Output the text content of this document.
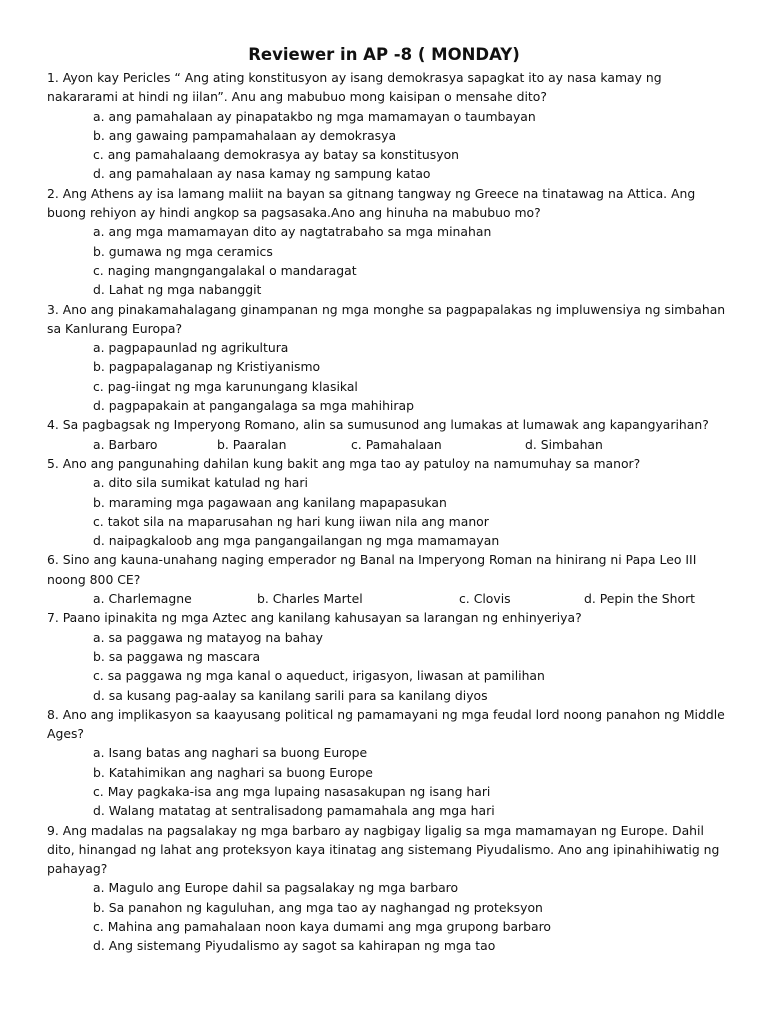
Reviewer in AP -8 ( MONDAY)

1. Ayon kay Pericles “ Ang ating konstitusyon ay isang demokrasya sapagkat ito ay nasa kamay ng nakararami at hindi ng iilan”. Anu ang mabubuo mong kaisipan o mensahe dito?

a. ang pamahalaan ay pinapatakbo ng mga mamamayan o taumbayan
b. ang gawaing pampamahalaan ay demokrasya
c. ang pamahalaang demokrasya ay batay sa konstitusyon
d. ang pamahalaan ay nasa kamay ng sampung katao

2. Ang Athens ay isa lamang maliit na bayan sa gitnang tangway ng Greece na tinatawag na Attica. Ang buong rehiyon ay hindi angkop sa pagsasaka.Ano ang hinuha na mabubuo mo?

a. ang mga mamamayan dito ay nagtatrabaho sa mga minahan
b. gumawa ng mga ceramics
c. naging mangngangalakal o mandaragat
d. Lahat ng mga nabanggit

3. Ano ang pinakamahalagang ginampanan ng mga monghe sa pagpapalakas ng impluwensiya ng simbahan sa Kanlurang Europa?

a. pagpapaunlad ng agrikultura
b. pagpapalaganap ng Kristiyanismo
c. pag-iingat ng mga karunungang klasikal
d. pagpapakain at pangangalaga sa mga mahihirap

4. Sa pagbagsak ng Imperyong Romano, alin sa sumusunod ang lumakas at lumawak ang kapangyarihan?

a. Barbaro	b. Paaralan	c. Pamahalaan	d. Simbahan

5. Ano ang pangunahing dahilan kung bakit ang mga tao ay patuloy na namumuhay sa manor?

a. dito sila sumikat katulad ng hari
b. maraming mga pagawaan ang kanilang mapapasukan
c. takot sila na maparusahan ng hari kung iiwan nila ang manor
d. naipagkaloob ang mga pangangailangan ng mga mamamayan

6. Sino ang kauna-unahang naging emperador ng Banal na Imperyong Roman na hinirang ni Papa Leo III noong 800 CE?

a. Charlemagne	b. Charles Martel	c. Clovis	d. Pepin the Short

7. Paano ipinakita ng mga Aztec ang kanilang kahusayan sa larangan ng enhinyeriya?

a. sa paggawa ng matayog na bahay
b. sa paggawa ng mascara
c. sa paggawa ng mga kanal o aqueduct, irigasyon, liwasan at pamilihan
d. sa kusang pag-aalay sa kanilang sarili para sa kanilang diyos

8. Ano ang implikasyon sa kaayusang political ng pamamayani ng mga feudal lord noong panahon ng Middle Ages?

a. Isang batas ang naghari sa buong Europe
b. Katahimikan ang naghari sa buong Europe
c. May pagkaka-isa ang mga lupaing nasasakupan ng isang hari
d. Walang matatag at sentralisadong pamamahala ang mga hari

9. Ang madalas na pagsalakay ng mga barbaro ay nagbigay ligalig sa mga mamamayan ng Europe. Dahil dito, hinangad ng lahat ang proteksyon kaya itinatag ang sistemang Piyudalismo. Ano ang ipinahihiwatig ng pahayag?

a. Magulo ang Europe dahil sa pagsalakay ng mga barbaro
b. Sa panahon ng kaguluhan, ang mga tao ay naghangad ng proteksyon
c. Mahina ang pamahalaan noon kaya dumami ang mga grupong barbaro
d. Ang sistemang Piyudalismo ay sagot sa kahirapan ng mga tao
